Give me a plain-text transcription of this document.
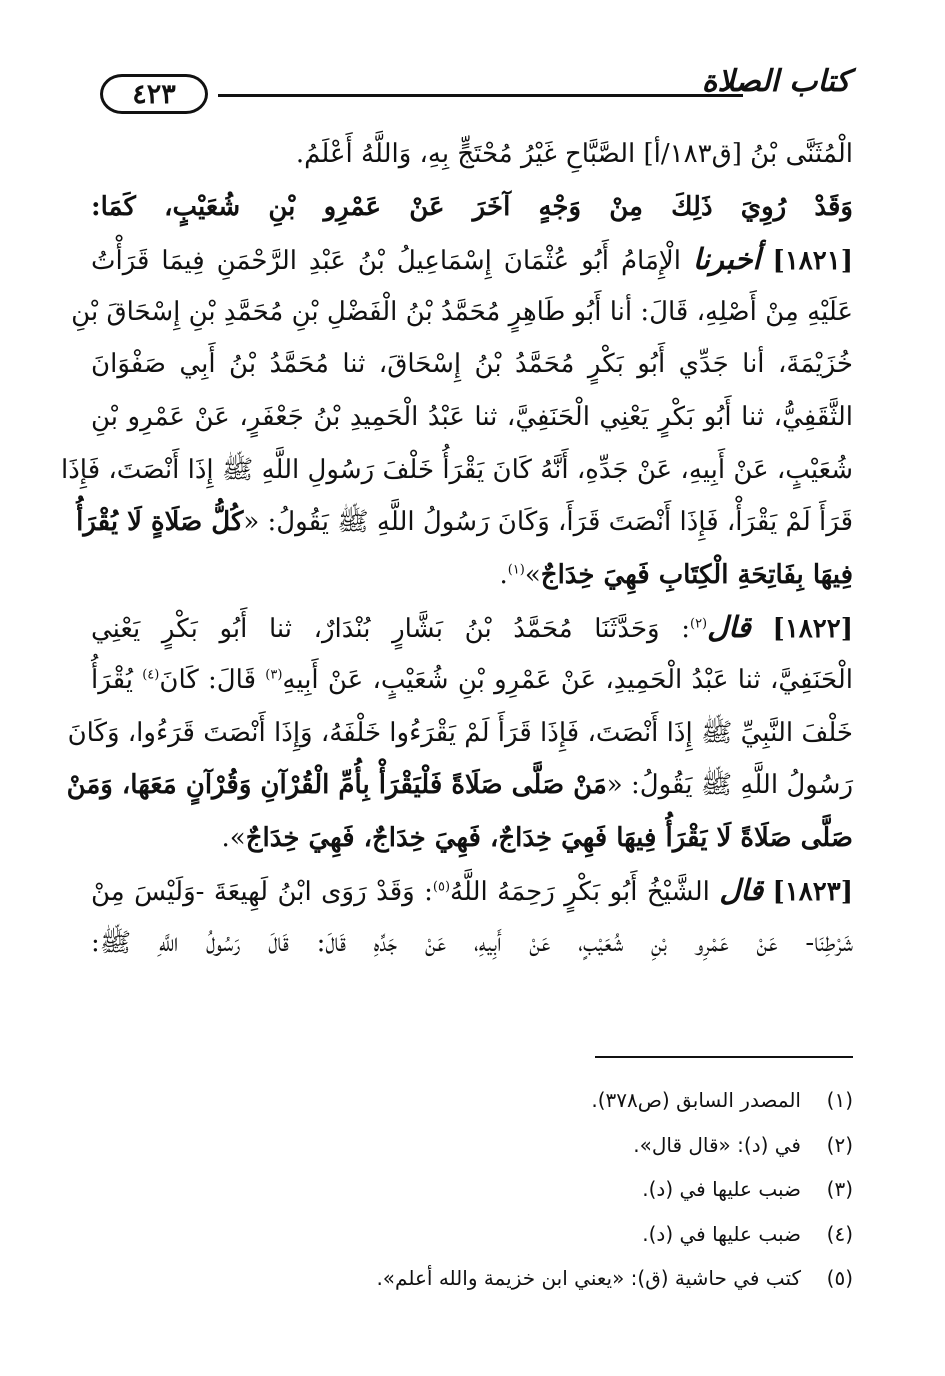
٤٢٣	كتاب الصلاة
الْمُثَنَّى بْنُ [ق١٨٣/أ] الصَّبَّاحِ غَيْرُ مُحْتَجٍّ بِهِ، وَاللَّهُ أَعْلَمُ.
وَقَدْ رُوِيَ ذَلِكَ مِنْ وَجْهٍ آخَرَ عَنْ عَمْرِو بْنِ شُعَيْبٍ، كَمَا:
[١٨٢١] أخبرنا الْإِمَامُ أَبُو عُثْمَانَ إِسْمَاعِيلُ بْنُ عَبْدِ الرَّحْمَنِ فِيمَا قَرَأْتُ
عَلَيْهِ مِنْ أَصْلِهِ، قَالَ: أنا أَبُو طَاهِرٍ مُحَمَّدُ بْنُ الْفَضْلِ بْنِ مُحَمَّدِ بْنِ إِسْحَاقَ بْنِ
خُزَيْمَةَ، أنا جَدِّي أَبُو بَكْرٍ مُحَمَّدُ بْنُ إِسْحَاقَ، ثنا مُحَمَّدُ بْنُ أَبِي صَفْوَانَ
الثَّقَفِيُّ، ثنا أَبُو بَكْرٍ يَعْنِي الْحَنَفِيَّ، ثنا عَبْدُ الْحَمِيدِ بْنُ جَعْفَرٍ، عَنْ عَمْرِو بْنِ
شُعَيْبٍ، عَنْ أَبِيهِ، عَنْ جَدِّهِ، أَنَّهُ كَانَ يَقْرَأُ خَلْفَ رَسُولِ اللَّهِ ﷺ إِذَا أَنْصَتَ، فَإِذَا
قَرَأَ لَمْ يَقْرَأْ، فَإِذَا أَنْصَتَ قَرَأَ، وَكَانَ رَسُولُ اللَّهِ ﷺ يَقُولُ: «كُلُّ صَلَاةٍ لَا يُقْرَأُ
فِيهَا بِفَاتِحَةِ الْكِتَابِ فَهِيَ خِدَاجٌ»$^{(١)}$.
[١٨٢٢] قال$^{(٢)}$: وَحَدَّثَنَا مُحَمَّدُ بْنُ بَشَّارٍ بُنْدَارٌ، ثنا أَبُو بَكْرٍ يَعْنِي
الْحَنَفِيَّ، ثنا عَبْدُ الْحَمِيدِ، عَنْ عَمْرِو بْنِ شُعَيْبٍ، عَنْ أَبِيهِ$^{(٣)}$ قَالَ: كَانَ$^{(٤)}$ يُقْرَأُ
خَلْفَ النَّبِيِّ ﷺ إِذَا أَنْصَتَ، فَإِذَا قَرَأَ لَمْ يَقْرَءُوا خَلْفَهُ، وَإِذَا أَنْصَتَ قَرَءُوا، وَكَانَ
رَسُولُ اللَّهِ ﷺ يَقُولُ: «مَنْ صَلَّى صَلَاةً فَلْيَقْرَأْ بِأُمِّ الْقُرْآنِ وَقُرْآنٍ مَعَهَا، وَمَنْ
صَلَّى صَلَاةً لَا يَقْرَأُ فِيهَا فَهِيَ خِدَاجٌ، فَهِيَ خِدَاجٌ، فَهِيَ خِدَاجٌ».
[١٨٢٣] قال الشَّيْخُ أَبُو بَكْرٍ رَحِمَهُ اللَّهُ$^{(٥)}$: وَقَدْ رَوَى ابْنُ لَهِيعَةَ -وَلَيْسَ مِنْ
شَرْطِنَا- عَنْ عَمْرِو بْنِ شُعَيْبٍ، عَنْ أَبِيهِ، عَنْ جَدِّهِ قَالَ: قَالَ رَسُولُ اللَّهِ ﷺ:
(١)المصدر السابق (ص٣٧٨).
(٢)في (د): «قال قال».
(٣)ضبب عليها في (د).
(٤)ضبب عليها في (د).
(٥)كتب في حاشية (ق): «يعني ابن خزيمة والله أعلم».
